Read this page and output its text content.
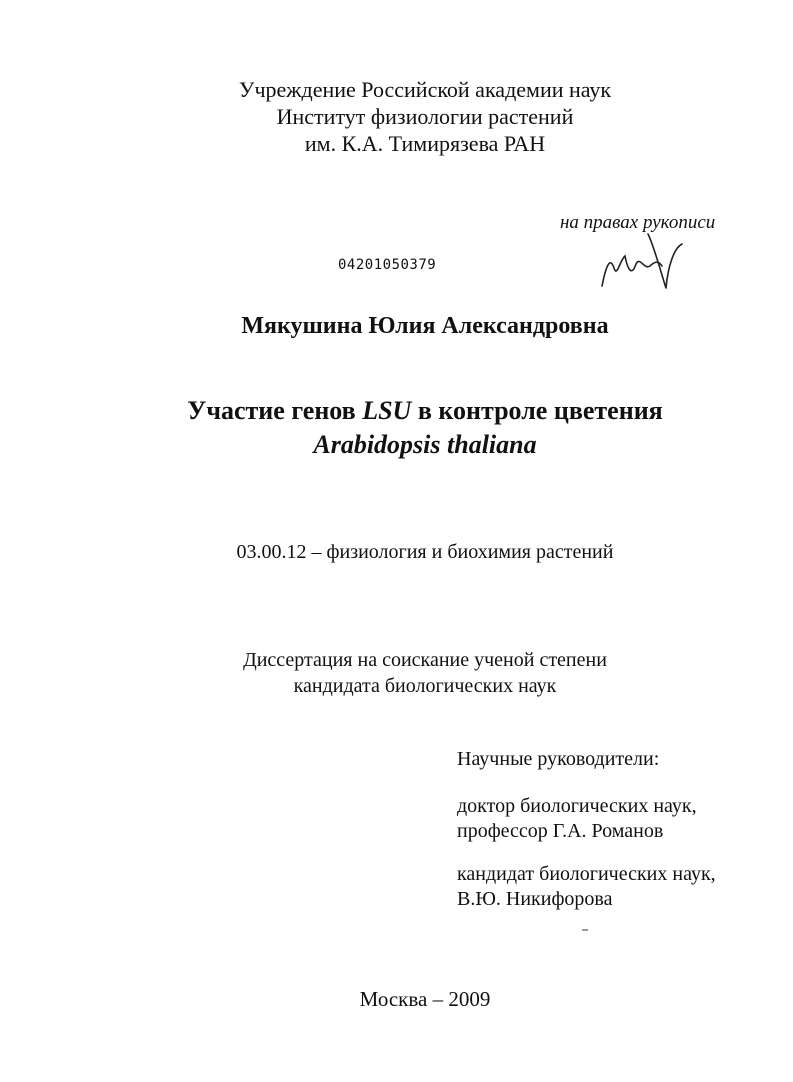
Учреждение Российской академии наук
Институт физиологии растений
им. К.А. Тимирязева РАН
на правах рукописи
04201050379
Мякушина Юлия Александровна
Участие генов LSU в контроле цветения
Arabidopsis thaliana
03.00.12 – физиология и биохимия растений
Диссертация на соискание ученой степени
кандидата биологических наук
Научные руководители:
доктор биологических наук,
профессор Г.А. Романов
кандидат биологических наук,
В.Ю. Никифорова
Москва – 2009
